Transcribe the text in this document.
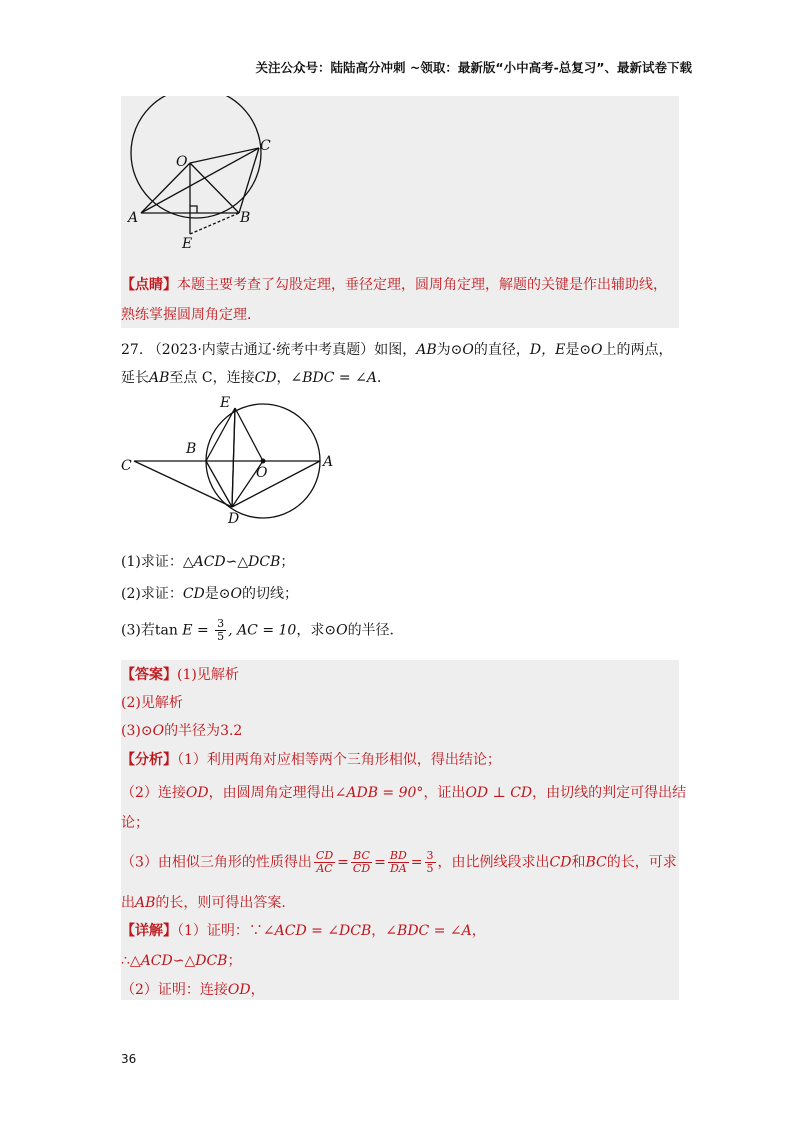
关注公众号：陆陆高分冲刺 ~领取：最新版“小中高考-总复习”、最新试卷下载
O
C
A	B
E
【点睛】本题主要考查了勾股定理，垂径定理，圆周角定理，解题的关键是作出辅助线，
熟练掌握圆周角定理．
27. （2023·内蒙古通辽·统考中考真题）如图，AB为⊙O的直径，D，E是⊙O上的两点，
延长AB至点 C，连接CD，∠BDC = ∠A．
E
B
C	O
A
D
(1)求证：△ACD∽△DCB；
(2)求证：CD是⊙O的切线；
(3)若$\tan E = \frac{3}{5}$ , AC = 10，求⊙O的半径.
【答案】(1)见解析
(2)见解析
(3)⊙O的半径为3.2
【分析】（1）利用两角对应相等两个三角形相似，得出结论；
（2）连接OD，由圆周角定理得出∠ADB = 90°，证出OD ⊥ CD，由切线的判定可得出结
论；
（3）由相似三角形的性质得出 $\frac{CD}{AC} = \frac{BC}{CD} = \frac{BD}{DA} = \frac{3}{5}$ ，由比例线段求出CD和BC的长，可求
出AB的长，则可得出答案.
【详解】（1）证明：∵∠ACD = ∠DCB，∠BDC = ∠A，
∴△ACD∽△DCB；
（2）证明：连接OD，
36
